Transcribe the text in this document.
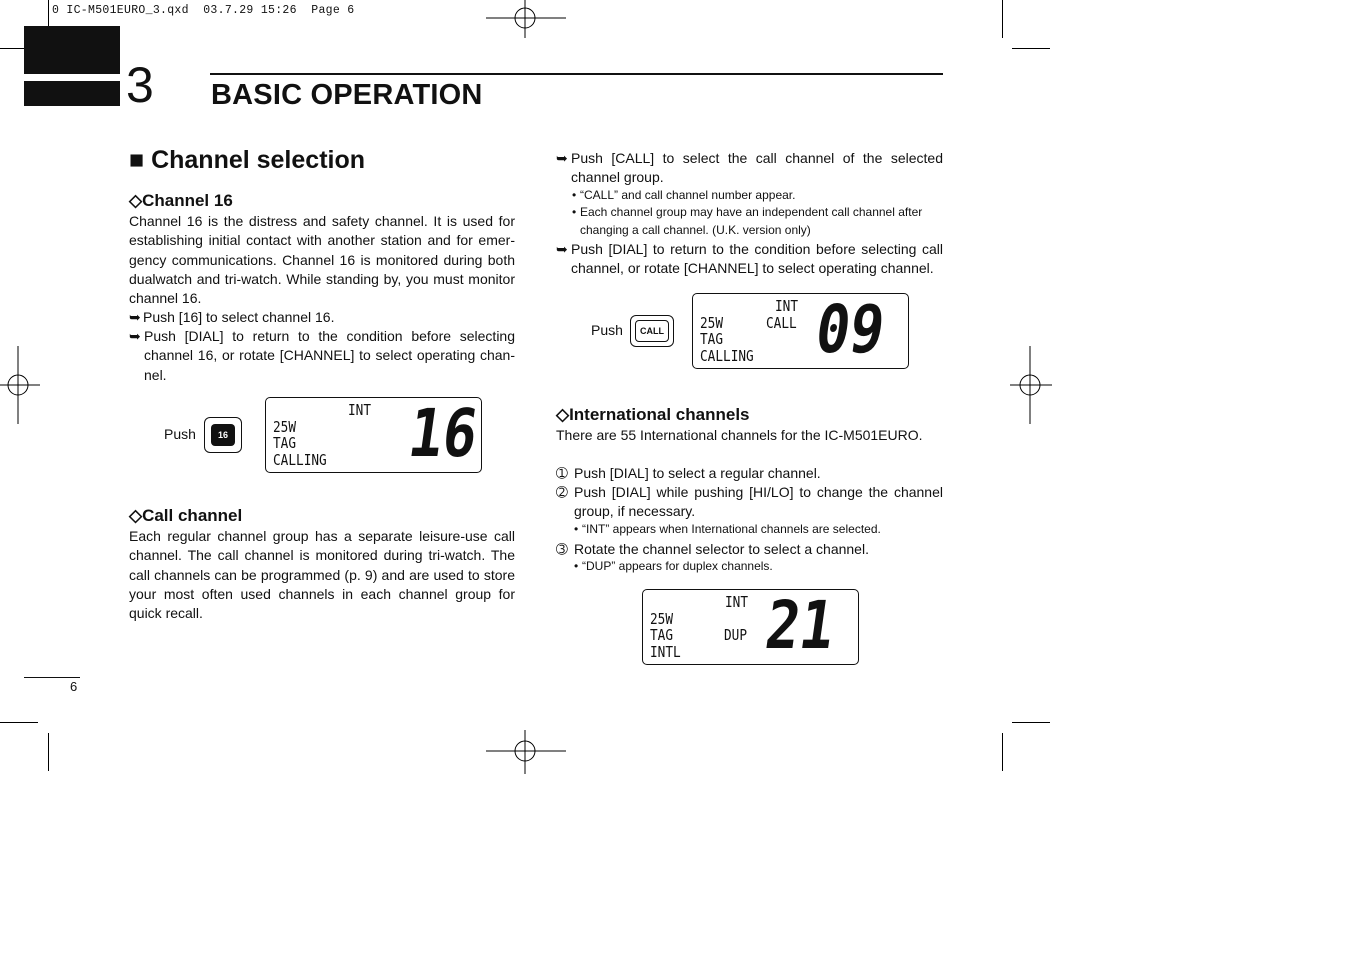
0 IC-M501EURO_3.qxd  03.7.29 15:26  Page 6
3 BASIC OPERATION
■ Channel selection
◇Channel 16
Channel 16 is the distress and safety channel. It is used for establishing initial contact with another station and for emer-gency communications. Channel 16 is monitored during both dualwatch and tri-watch. While standing by, you must monitor channel 16.
➥ Push [16] to select channel 16.
➥ Push [DIAL] to return to the condition before selecting channel 16, or rotate [CHANNEL] to select operating chan-nel.
Push	16
INT
25W
TAG
CALLING 16
◇Call channel
Each regular channel group has a separate leisure-use call channel. The call channel is monitored during tri-watch. The call channels can be programmed (p. 9) and are used to store your most often used channels in each channel group for quick recall.
6
➥ Push [CALL] to select the call channel of the selected channel group.
• “CALL” and call channel number appear.
• Each channel group may have an independent call channel after changing a call channel. (U.K. version only)
➥ Push [DIAL] to return to the condition before selecting call channel, or rotate [CHANNEL] to select operating channel.
Push	CALL
INT
25W	CALL
TAG
CALLING 09
◇International channels
There are 55 International channels for the IC-M501EURO.
➀ Push [DIAL] to select a regular channel.
➁ Push [DIAL] while pushing [HI/LO] to change the channel group, if necessary.
• “INT” appears when International channels are selected.
➂ Rotate the channel selector to select a channel.
• “DUP” appears for duplex channels.
INT
25W
TAG	DUP
INTL 21
